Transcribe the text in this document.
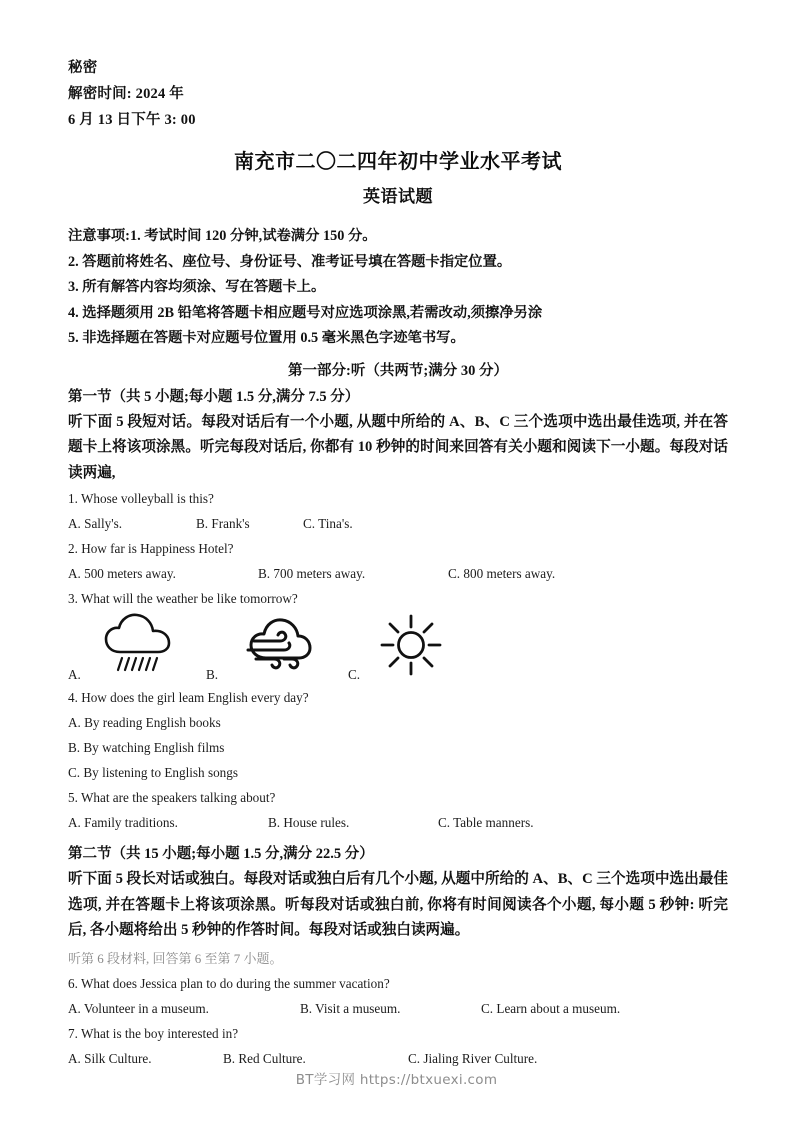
秘密
解密时间: 2024 年
6 月 13 日下午 3: 00
南充市二〇二四年初中学业水平考试
英语试题
注意事项:1. 考试时间 120 分钟,试卷满分 150 分。
2. 答题前将姓名、座位号、身份证号、准考证号填在答题卡指定位置。
3. 所有解答内容均须涂、写在答题卡上。
4. 选择题须用 2B 铅笔将答题卡相应题号对应选项涂黑,若需改动,须擦净另涂
5. 非选择题在答题卡对应题号位置用 0.5 毫米黑色字迹笔书写。
第一部分:听（共两节;满分 30 分）
第一节（共 5 小题;每小题 1.5 分,满分 7.5 分）
听下面 5 段短对话。每段对话后有一个小题, 从题中所给的 A、B、C 三个选项中选出最佳选项, 并在答题卡上将该项涂黑。听完每段对话后, 你都有 10 秒钟的时间来回答有关小题和阅读下一小题。每段对话读两遍,
1. Whose volleyball is this?
A. Sally's.	B. Frank's	C. Tina's.
2. How far is Happiness Hotel?
A. 500 meters away.	B. 700 meters away.	C. 800 meters away.
3. What will the weather be like tomorrow?
A.	B.	C.
4. How does the girl leam English every day?
A. By reading English books
B. By watching English films
C. By listening to English songs
5. What are the speakers talking about?
A. Family traditions.	B. House rules.	C. Table manners.
第二节（共 15 小题;每小题 1.5 分,满分 22.5 分）
听下面 5 段长对话或独白。每段对话或独白后有几个小题, 从题中所给的 A、B、C 三个选项中选出最佳选项, 并在答题卡上将该项涂黑。听每段对话或独白前, 你将有时间阅读各个小题, 每小题 5 秒钟: 听完后, 各小题将给出 5 秒钟的作答时间。每段对话或独白读两遍。
听第 6 段材料, 回答第 6 至第 7 小题。
6. What does Jessica plan to do during the summer vacation?
A. Volunteer in a museum.	B. Visit a museum.	C. Learn about a museum.
7. What is the boy interested in?
A. Silk Culture.	B. Red Culture.	C. Jialing River Culture.
BT学习网 https://btxuexi.com
